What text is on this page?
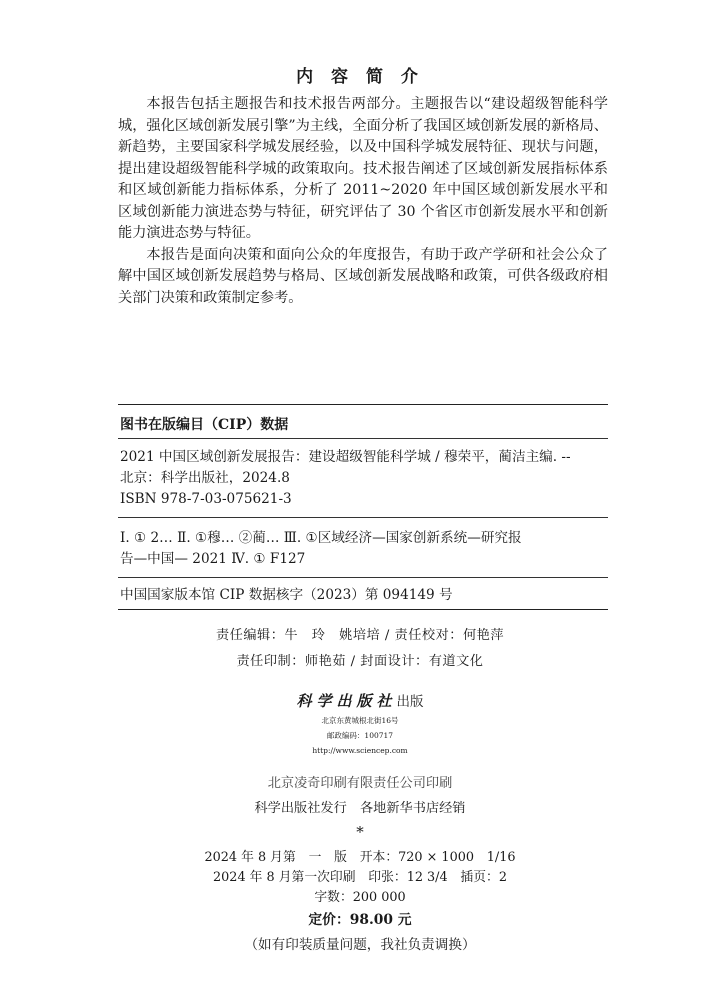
内 容 简 介

本报告包括主题报告和技术报告两部分。主题报告以“建设超级智能科学城，强化区域创新发展引擎”为主线，全面分析了我国区域创新发展的新格局、新趋势，主要国家科学城发展经验，以及中国科学城发展特征、现状与问题，提出建设超级智能科学城的政策取向。技术报告阐述了区域创新发展指标体系和区域创新能力指标体系，分析了 2011~2020 年中国区域创新发展水平和区域创新能力演进态势与特征，研究评估了 30 个省区市创新发展水平和创新能力演进态势与特征。

本报告是面向决策和面向公众的年度报告，有助于政产学研和社会公众了解中国区域创新发展趋势与格局、区域创新发展战略和政策，可供各级政府相关部门决策和政策制定参考。

图书在版编目（CIP）数据
2021 中国区域创新发展报告：建设超级智能科学城 / 穆荣平，蔺洁主编. --
北京：科学出版社，2024.8
ISBN 978-7-03-075621-3
Ⅰ. ① 2… Ⅱ. ①穆… ②蔺… Ⅲ. ①区域经济—国家创新系统—研究报
告—中国— 2021 Ⅳ. ① F127
中国国家版本馆 CIP 数据核字（2023）第 094149 号
责任编辑：牛　玲　姚培培 / 责任校对：何艳萍
责任印制：师艳茹 / 封面设计：有道文化
科学出版社出版
北京东黄城根北街16号
邮政编码：100717
http://www.sciencep.com
北京凌奇印刷有限责任公司印刷
科学出版社发行　各地新华书店经销
*
2024 年 8 月第　一　版　开本：720 × 1000　1/16
2024 年 8 月第一次印刷　印张：12 3/4　插页：2
字数：200 000
定价：98.00 元
（如有印装质量问题，我社负责调换）
